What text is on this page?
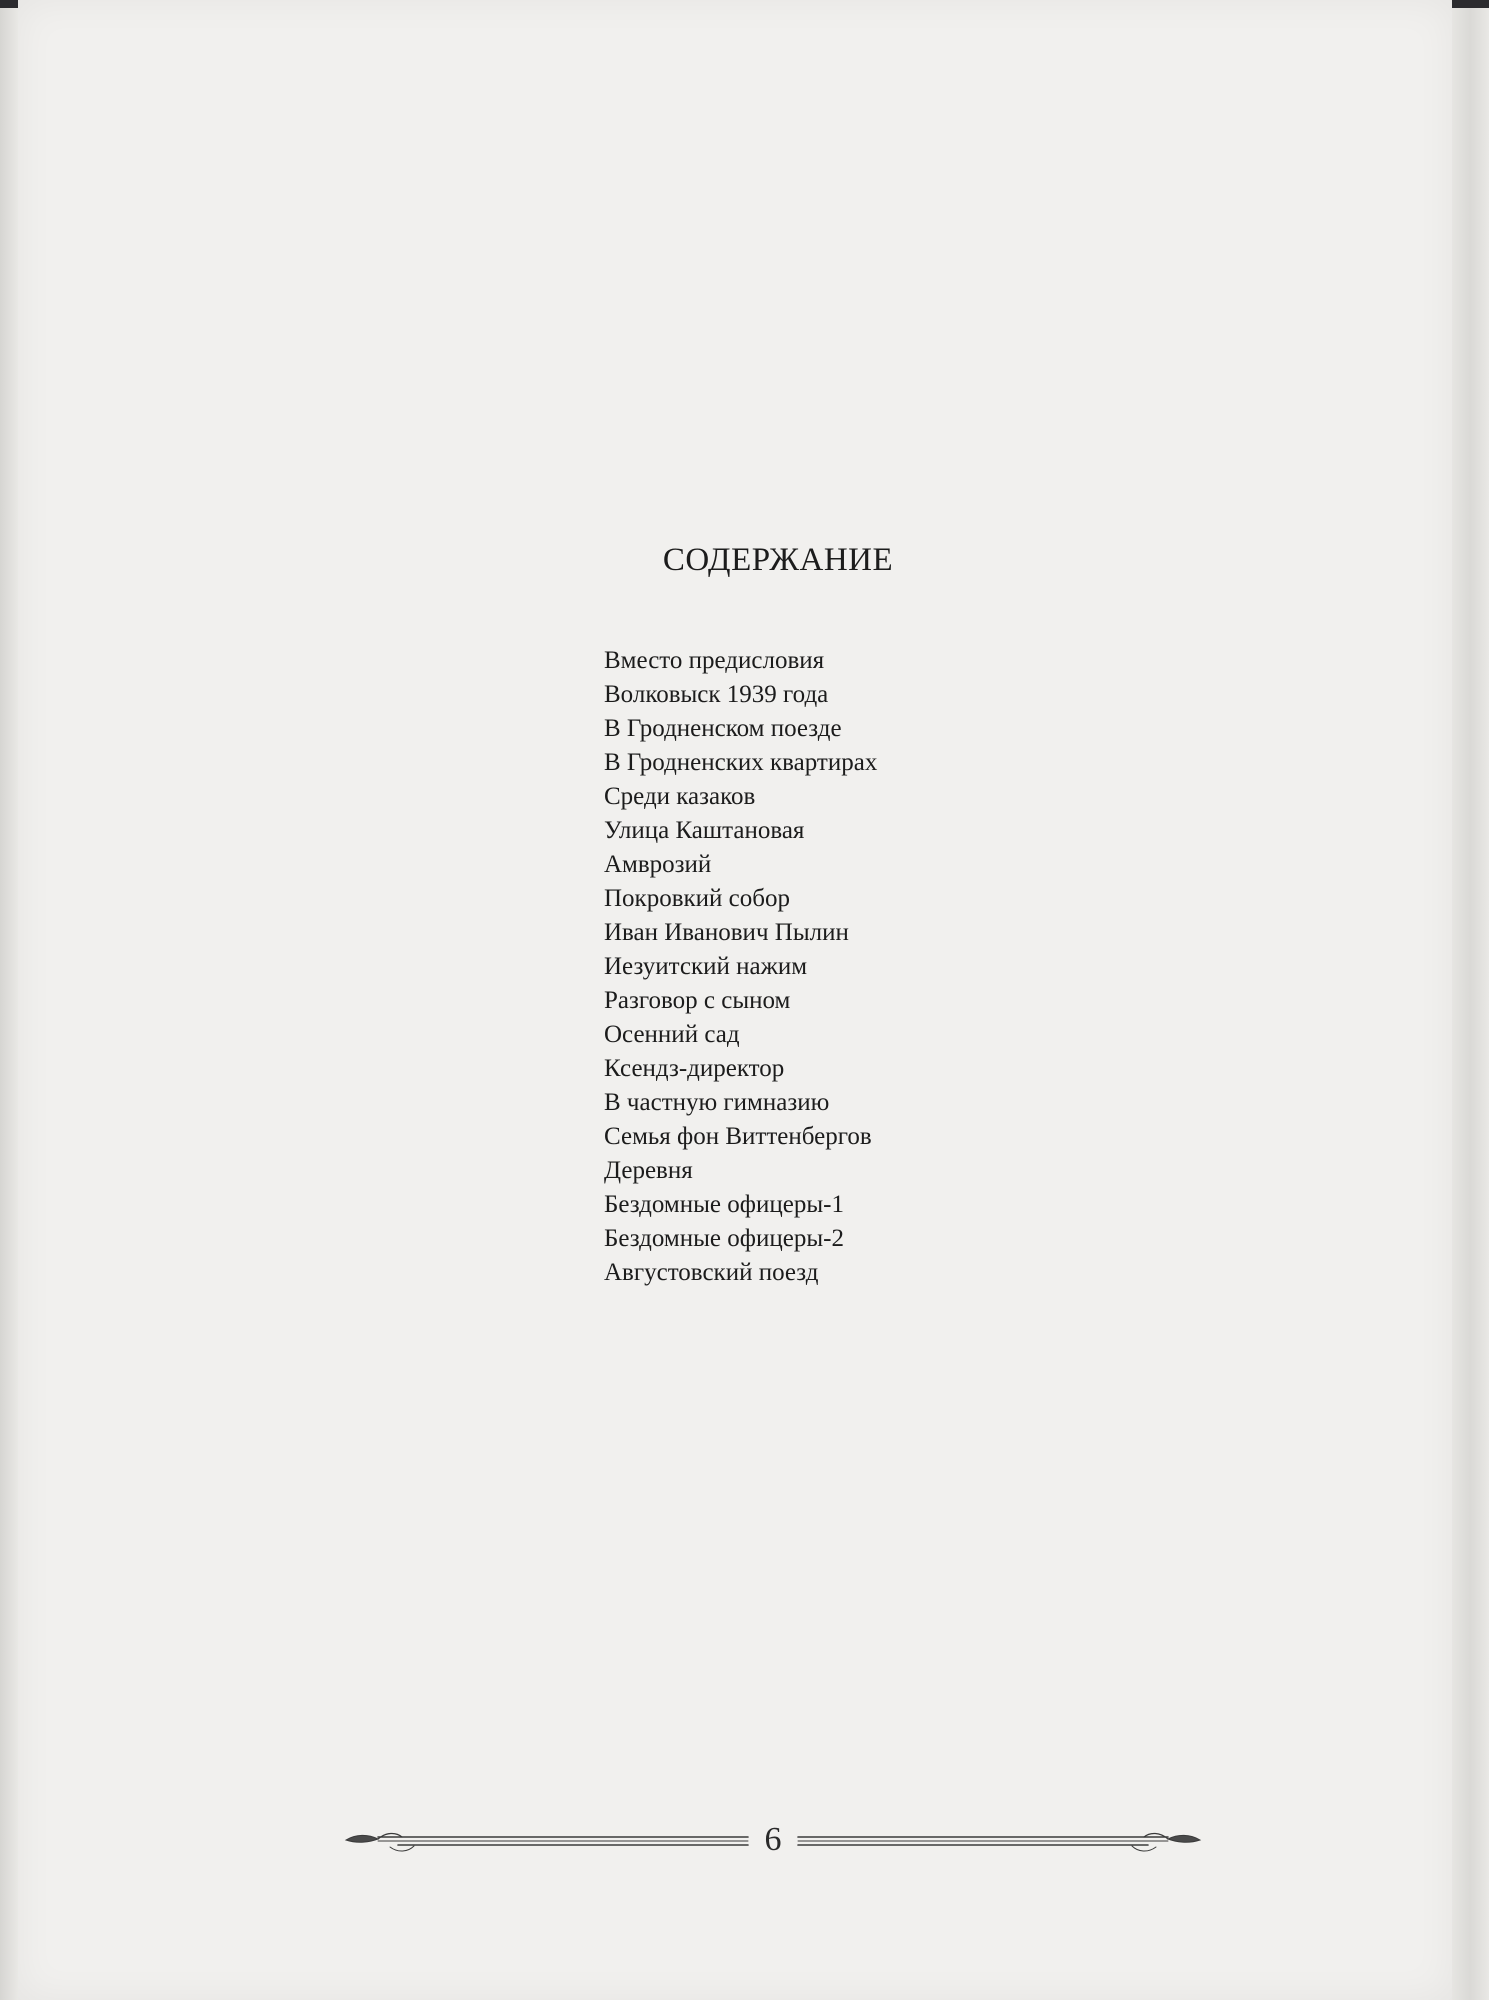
СОДЕРЖАНИЕ
Вместо предисловия
Волковыск 1939 года
В Гродненском поезде
В Гродненских квартирах
Среди казаков
Улица Каштановая
Амврозий
Покровкий собор
Иван Иванович Пылин
Иезуитский нажим
Разговор с сыном
Осенний сад
Ксендз-директор
В частную гимназию
Семья фон Виттенбергов
Деревня
Бездомные офицеры-1
Бездомные офицеры-2
Августовский поезд
6
